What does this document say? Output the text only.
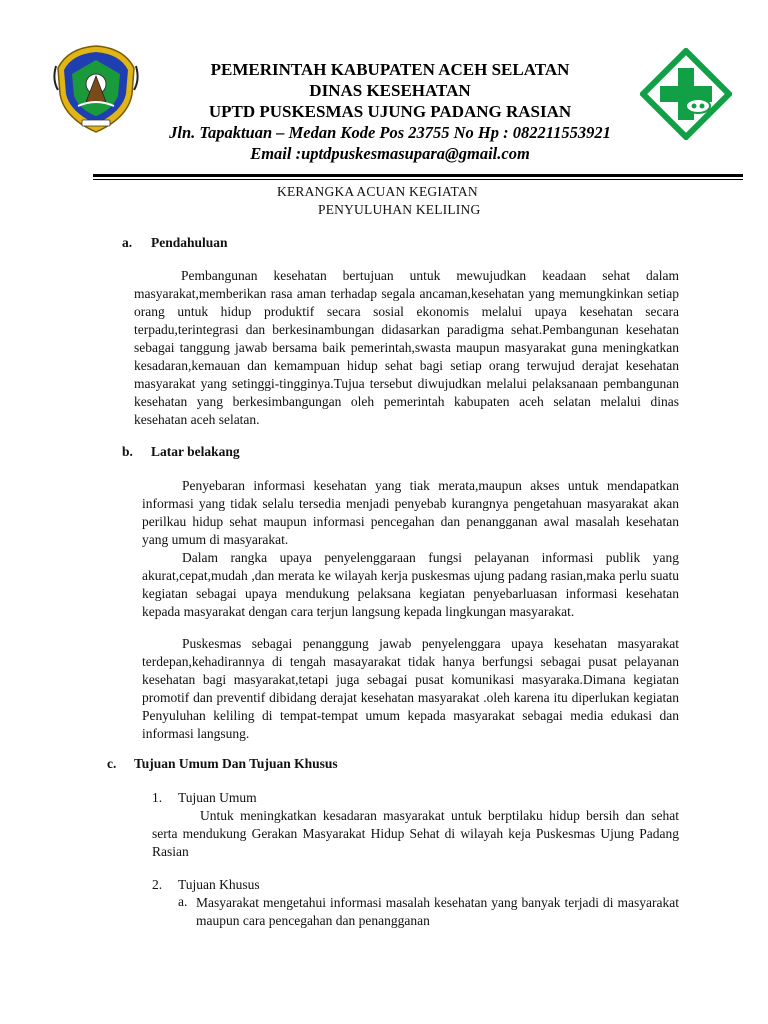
PEMERINTAH KABUPATEN ACEH SELATAN
DINAS KESEHATAN
UPTD PUSKESMAS UJUNG PADANG RASIAN
Jln. Tapaktuan – Medan Kode Pos 23755 No Hp : 082211553921
Email :uptdpuskesmasupara@gmail.com
KERANGKA ACUAN KEGIATAN
PENYULUHAN KELILING
a. Pendahuluan

Pembangunan kesehatan bertujuan untuk mewujudkan keadaan sehat dalam masyarakat,memberikan rasa aman terhadap segala ancaman,kesehatan yang memungkinkan setiap orang untuk hidup produktif secara sosial ekonomis melalui upaya kesehatan secara terpadu,terintegrasi dan berkesinambungan didasarkan paradigma sehat.Pembangunan kesehatan sebagai tanggung jawab bersama baik pemerintah,swasta maupun masyarakat guna meningkatkan kesadaran,kemauan dan kemampuan hidup sehat bagi setiap orang terwujud derajat kesehatan masyarakat yang setinggi-tingginya.Tujua tersebut diwujudkan melalui pelaksanaan pembangunan kesehatan yang berkesimbangungan oleh pemerintah kabupaten aceh selatan melalui dinas kesehatan aceh selatan.

b. Latar belakang

Penyebaran informasi kesehatan yang tiak merata,maupun akses untuk mendapatkan informasi yang tidak selalu tersedia menjadi penyebab kurangnya pengetahuan masyarakat akan perilkau hidup sehat maupun informasi pencegahan dan penangganan awal masalah kesehatan yang umum di masyarakat.

Dalam rangka upaya penyelenggaraan fungsi pelayanan informasi publik yang akurat,cepat,mudah ,dan merata ke wilayah kerja puskesmas ujung padang rasian,maka perlu suatu kegiatan sebagai upaya mendukung pelaksana kegiatan penyebarluasan informasi kesehatan kepada masyarakat dengan cara terjun langsung kepada lingkungan masyarakat.

Puskesmas sebagai penanggung jawab penyelenggara upaya kesehatan masyarakat terdepan,kehadirannya di tengah masayarakat tidak hanya berfungsi sebagai pusat pelayanan kesehatan bagi masyarakat,tetapi juga sebagai pusat komunikasi masyaraka.Dimana kegiatan promotif dan preventif dibidang derajat kesehatan masyarakat .oleh karena itu diperlukan kegiatan Penyuluhan keliling di tempat-tempat umum kepada masyarakat sebagai media edukasi dan informasi langsung.

c. Tujuan Umum Dan Tujuan Khusus
1. Tujuan Umum

Untuk meningkatkan kesadaran masyarakat untuk berptilaku hidup bersih dan sehat serta mendukung Gerakan Masyarakat Hidup Sehat di wilayah keja Puskesmas Ujung Padang Rasian

2. Tujuan Khusus
a. Masyarakat mengetahui informasi masalah kesehatan yang banyak terjadi di masyarakat maupun cara pencegahan dan penangganan
